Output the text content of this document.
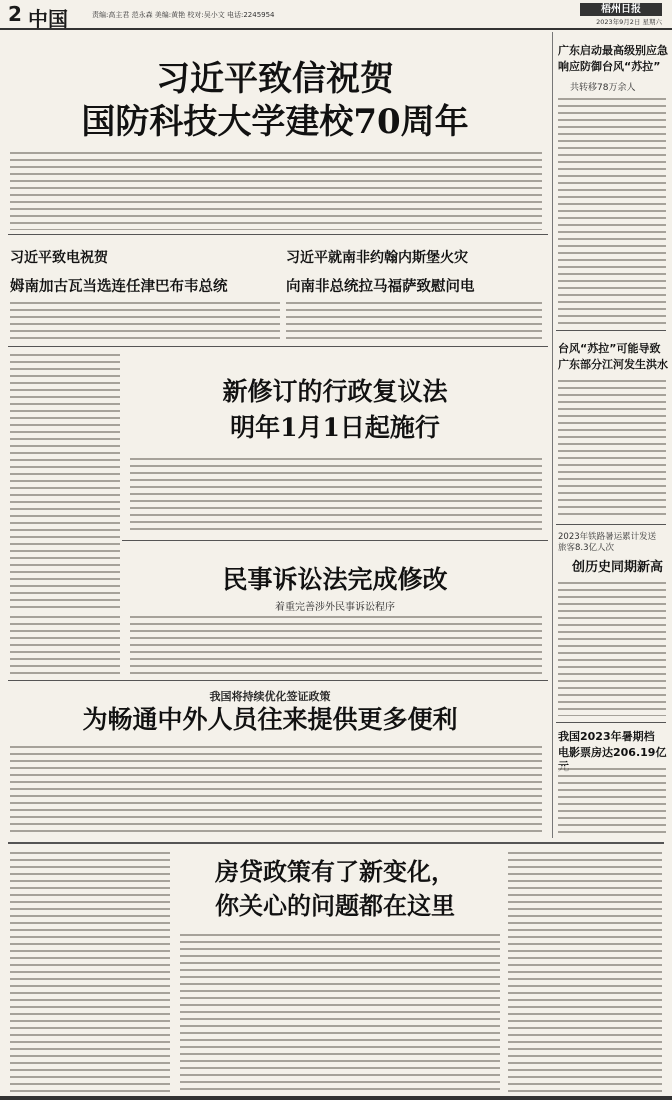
2 中国	责编:高主君 范永森 美编:黄艳 校对:吴小文 电话:2245954	梧州日报
2023年9月2日 星期六
习近平致信祝贺
国防科技大学建校70周年
习近平致电祝贺
姆南加古瓦当选连任津巴布韦总统
习近平就南非约翰内斯堡火灾
向南非总统拉马福萨致慰问电
新修订的行政复议法
明年1月1日起施行
民事诉讼法完成修改
着重完善涉外民事诉讼程序
我国将持续优化签证政策
为畅通中外人员往来提供更多便利
房贷政策有了新变化，
你关心的问题都在这里
广东启动最高级别应急
响应防御台风“苏拉”
共转移78万余人
台风“苏拉”可能导致
广东部分江河发生洪水
2023年铁路暑运累计发送旅客8.3亿人次
创历史同期新高
我国2023年暑期档
电影票房达206.19亿
